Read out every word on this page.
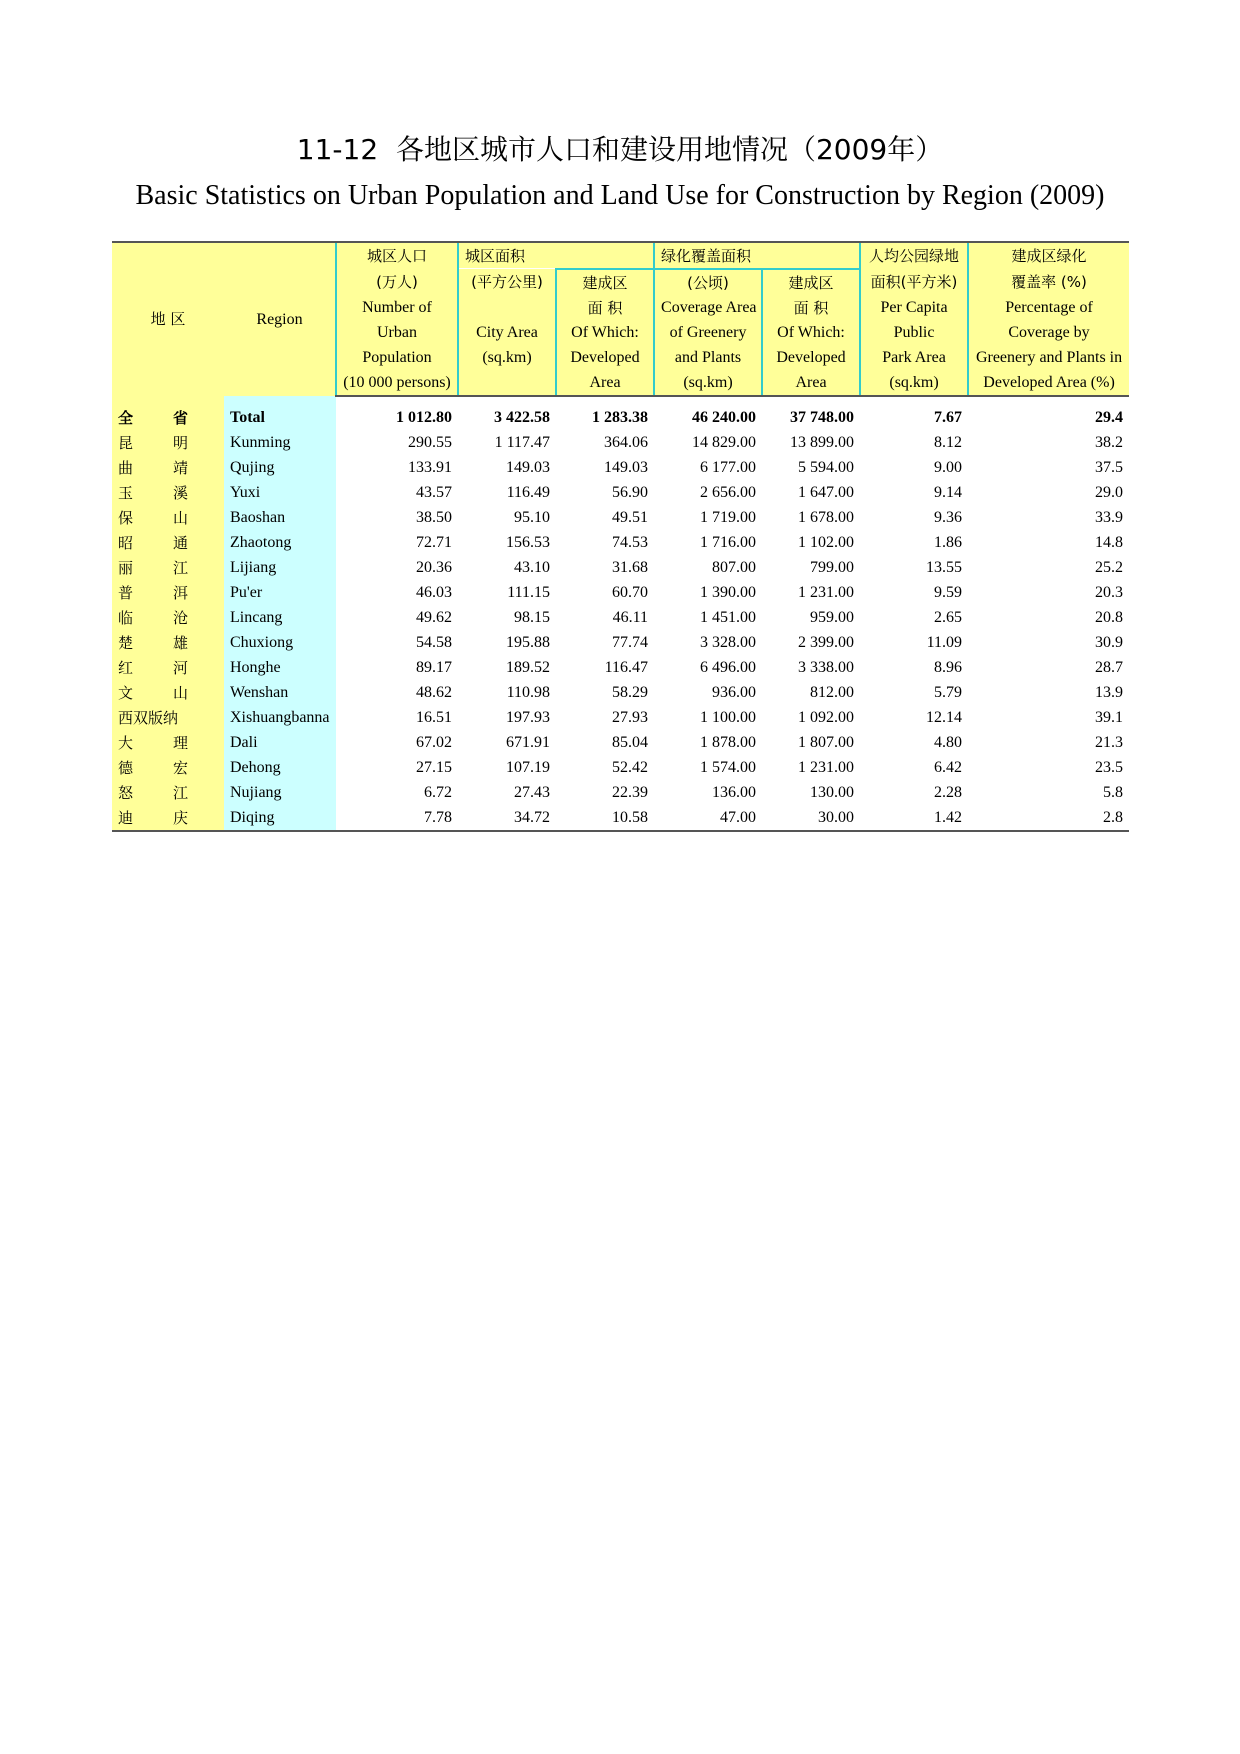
11-12 各地区城市人口和建设用地情况（2009年）
Basic Statistics on Urban Population and Land Use for Construction by Region (2009)
地 区	Region	城区人口	城区面积		绿化覆盖面积		人均公园绿地	建成区绿化
		(万人)	(平方公里)	建成区	(公顷)	建成区	面积(平方米)	覆盖率 (%)
		Number of		面 积	Coverage Area	面 积	Per Capita	Percentage of
		Urban	City Area	Of Which:	of Greenery	Of Which:	Public	Coverage by
		Population	(sq.km)	Developed	and Plants	Developed	Park Area	Greenery and Plants in
		(10 000 persons)		Area	(sq.km)	Area	(sq.km)	Developed Area (%)

全 省	Total	1 012.80	3 422.58	1 283.38	46 240.00	37 748.00	7.67	29.4

昆 明	Kunming	290.55	1 117.47	364.06	14 829.00	13 899.00	8.12	38.2

曲 靖	Qujing	133.91	149.03	149.03	6 177.00	5 594.00	9.00	37.5

玉 溪	Yuxi	43.57	116.49	56.90	2 656.00	1 647.00	9.14	29.0

保 山	Baoshan	38.50	95.10	49.51	1 719.00	1 678.00	9.36	33.9

昭 通	Zhaotong	72.71	156.53	74.53	1 716.00	1 102.00	1.86	14.8

丽 江	Lijiang	20.36	43.10	31.68	807.00	799.00	13.55	25.2

普 洱	Pu'er	46.03	111.15	60.70	1 390.00	1 231.00	9.59	20.3

临 沧	Lincang	49.62	98.15	46.11	1 451.00	959.00	2.65	20.8

楚 雄	Chuxiong	54.58	195.88	77.74	3 328.00	2 399.00	11.09	30.9

红 河	Honghe	89.17	189.52	116.47	6 496.00	3 338.00	8.96	28.7

文 山	Wenshan	48.62	110.98	58.29	936.00	812.00	5.79	13.9
西双版纳	Xishuangbanna	16.51	197.93	27.93	1 100.00	1 092.00	12.14	39.1

大 理	Dali	67.02	671.91	85.04	1 878.00	1 807.00	4.80	21.3

德 宏	Dehong	27.15	107.19	52.42	1 574.00	1 231.00	6.42	23.5

怒 江	Nujiang	6.72	27.43	22.39	136.00	130.00	2.28	5.8

迪 庆	Diqing	7.78	34.72	10.58	47.00	30.00	1.42	2.8
